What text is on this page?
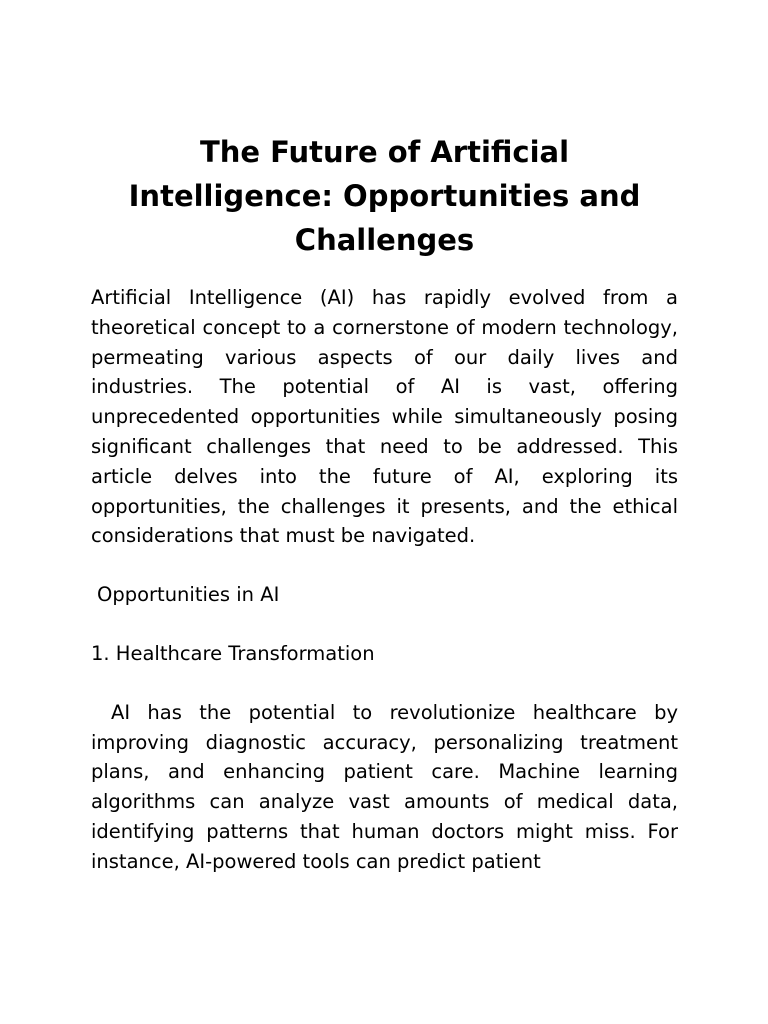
The Future of Artificial Intelligence: Opportunities and Challenges

Artificial Intelligence (AI) has rapidly evolved from a theoretical concept to a cornerstone of modern technology, permeating various aspects of our daily lives and industries. The potential of AI is vast, offering unprecedented opportunities while simultaneously posing significant challenges that need to be addressed. This article delves into the future of AI, exploring its opportunities, the challenges it presents, and the ethical considerations that must be navigated.

Opportunities in AI

1. Healthcare Transformation

AI has the potential to revolutionize healthcare by improving diagnostic accuracy, personalizing treatment plans, and enhancing patient care. Machine learning algorithms can analyze vast amounts of medical data, identifying patterns that human doctors might miss. For instance, AI-powered tools can predict patient
